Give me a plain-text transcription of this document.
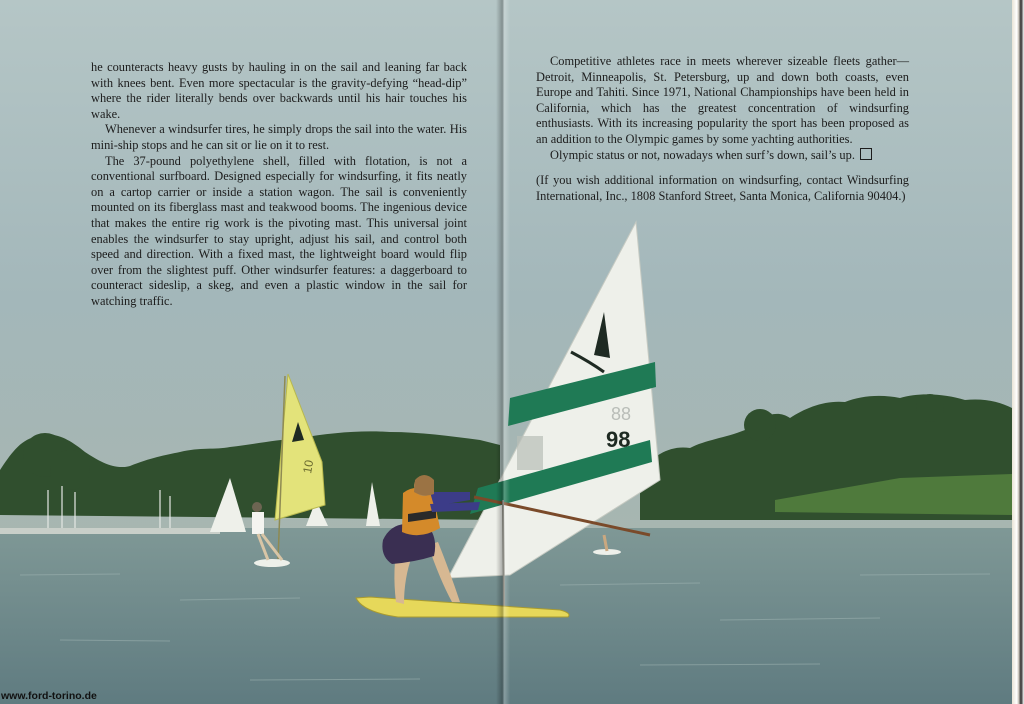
10
98
88

he counteracts heavy gusts by hauling in on the sail and leaning far back with knees bent. Even more spectacular is the gravity-defying “head-dip” where the rider literally bends over backwards until his hair touches his wake.

Whenever a windsurfer tires, he simply drops the sail into the water. His mini-ship stops and he can sit or lie on it to rest.

The 37-pound polyethylene shell, filled with flotation, is not a conventional surfboard. Designed especially for windsurfing, it fits neatly on a cartop carrier or inside a station wagon. The sail is conveniently mounted on its fiberglass mast and teakwood booms. The ingenious device that makes the entire rig work is the pivoting mast. This universal joint enables the windsurfer to stay upright, adjust his sail, and control both speed and direction. With a fixed mast, the lightweight board would flip over from the slightest puff. Other windsurfer features: a daggerboard to counteract sideslip, a skeg, and even a plastic window in the sail for watching traffic.

Competitive athletes race in meets wherever sizeable fleets gather—Detroit, Minneapolis, St. Petersburg, up and down both coasts, even Europe and Tahiti. Since 1971, National Championships have been held in California, which has the greatest concentration of windsurfing enthusiasts. With its increasing popularity the sport has been proposed as an addition to the Olympic games by some yachting authorities.

Olympic status or not, nowadays when surf’s down, sail’s up.

(If you wish additional information on windsurfing, contact Windsurfing International, Inc., 1808 Stanford Street, Santa Monica, California 90404.)

www.ford-torino.de
